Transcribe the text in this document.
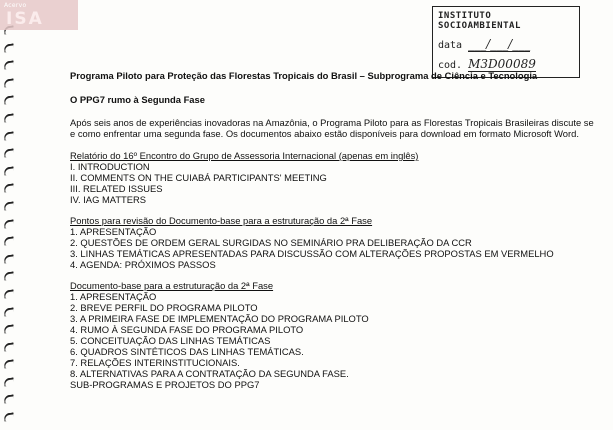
Acervo
ISA	INSTITUTO SOCIOAMBIENTAL
data ___/___/___
cod. M3D00089

Programa Piloto para Proteção das Florestas Tropicais do Brasil – Subprograma de Ciência e Tecnologia

O PPG7 rumo à Segunda Fase

Após seis anos de experiências inovadoras na Amazônia, o Programa Piloto para as Florestas Tropicais Brasileiras discute se e como enfrentar uma segunda fase. Os documentos abaixo estão disponíveis para download em formato Microsoft Word.

Relatório do 16º Encontro do Grupo de Assessoria Internacional (apenas em inglês)

I. INTRODUCTION
II. COMMENTS ON THE CUIABÁ PARTICIPANTS' MEETING
III. RELATED ISSUES
IV. IAG MATTERS

Pontos para revisão do Documento-base para a estruturação da 2ª Fase

1. APRESENTAÇÃO
2. QUESTÕES DE ORDEM GERAL SURGIDAS NO SEMINÁRIO PRA DELIBERAÇÃO DA CCR
3. LINHAS TEMÁTICAS APRESENTADAS PARA DISCUSSÃO COM ALTERAÇÕES PROPOSTAS EM VERMELHO
4. AGENDA: PRÓXIMOS PASSOS

Documento-base para a estruturação da 2ª Fase

1. APRESENTAÇÃO
2. BREVE PERFIL DO PROGRAMA PILOTO
3. A PRIMEIRA FASE DE IMPLEMENTAÇÃO DO PROGRAMA PILOTO
4. RUMO À SEGUNDA FASE DO PROGRAMA PILOTO
5. CONCEITUAÇÃO DAS LINHAS TEMÁTICAS
6. QUADROS SINTÉTICOS DAS LINHAS TEMÁTICAS.
7. RELAÇÕES INTERINSTITUCIONAIS.
8. ALTERNATIVAS PARA A CONTRATAÇÃO DA SEGUNDA FASE.
SUB-PROGRAMAS E PROJETOS DO PPG7
